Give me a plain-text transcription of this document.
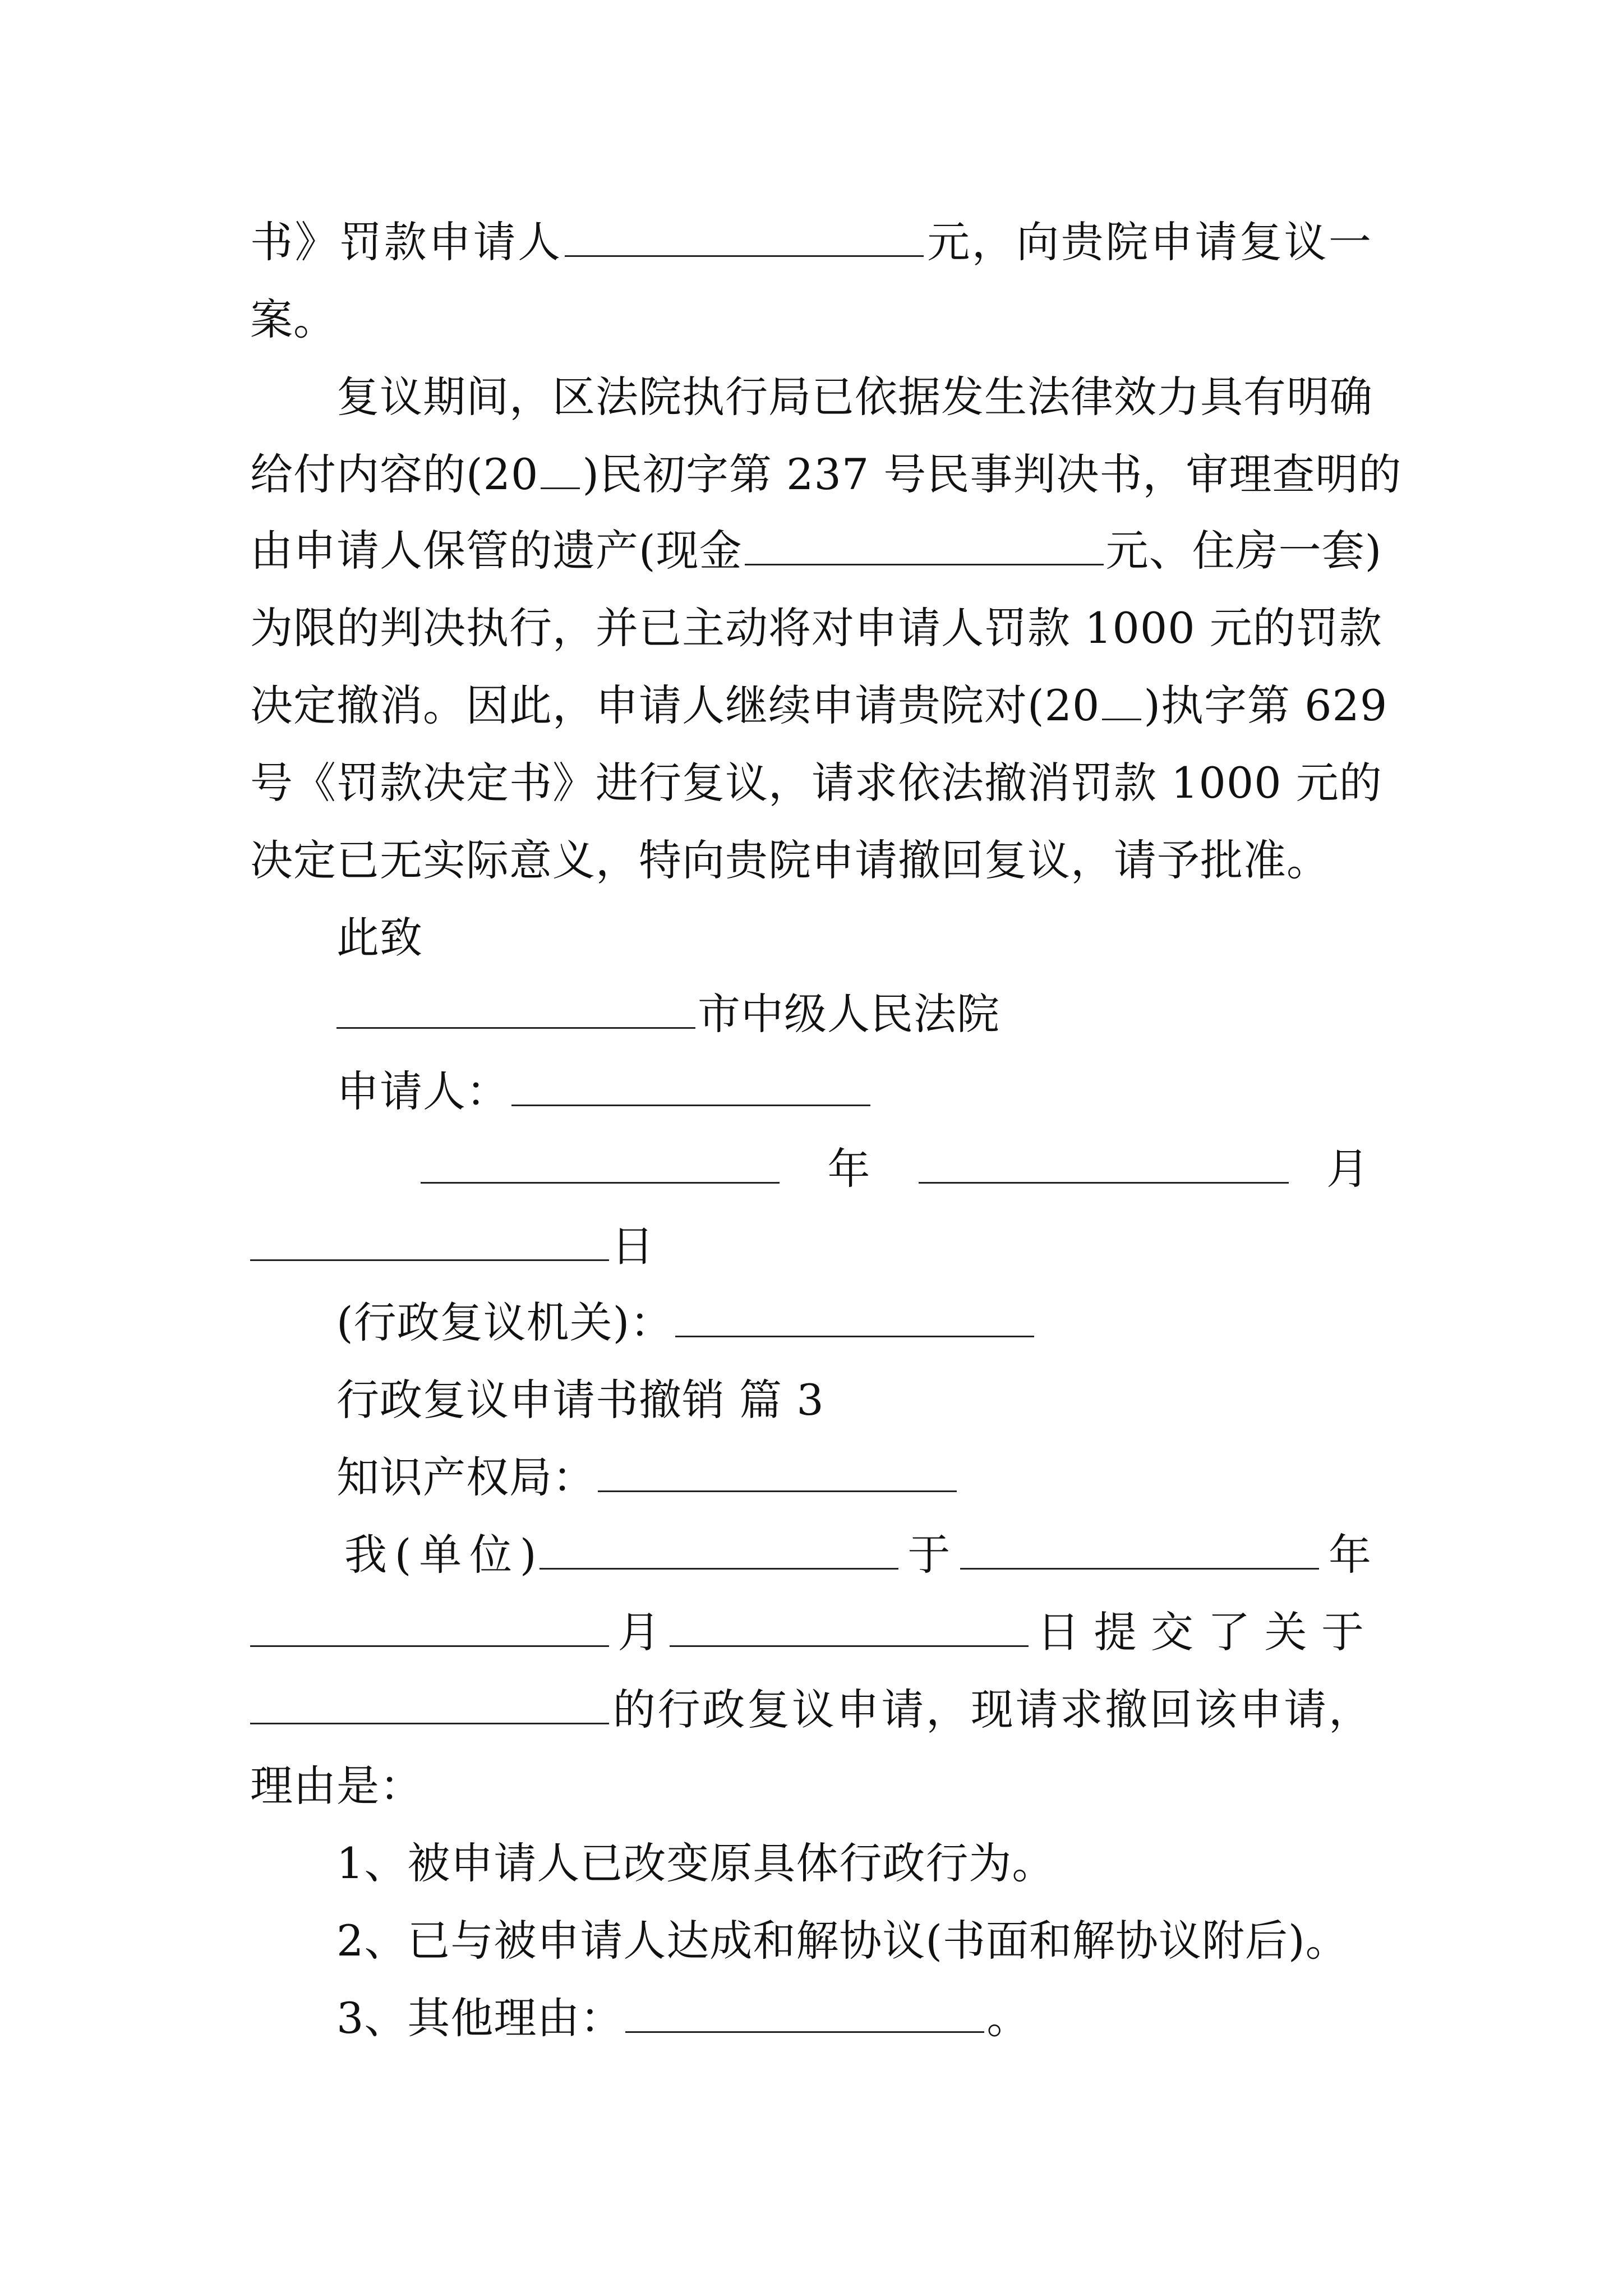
书》罚款申请人	元，向贵院申请复议一
案。
复议期间，区法院执行局已依据发生法律效力具有明确
给付内容的(20 )民初字第 237 号民事判决书，审理查明的
由申请人保管的遗产(现金	元、住房一套)
为限的判决执行，并已主动将对申请人罚款 1000 元的罚款
决定撤消。因此，申请人继续申请贵院对(20 )执字第 629
号《罚款决定书》进行复议，请求依法撤消罚款 1000 元的
决定已无实际意义，特向贵院申请撤回复议，请予批准。
此致
市中级人民法院
申请人：
年	月
日
(行政复议机关)：
行政复议申请书撤销 篇 3
知识产权局：
我(单位)	于	年
月	日提交了关于
的行政复议申请，现请求撤回该申请，
理由是：
1、被申请人已改变原具体行政行为。
2、已与被申请人达成和解协议(书面和解协议附后)。
3、其他理由：	。
